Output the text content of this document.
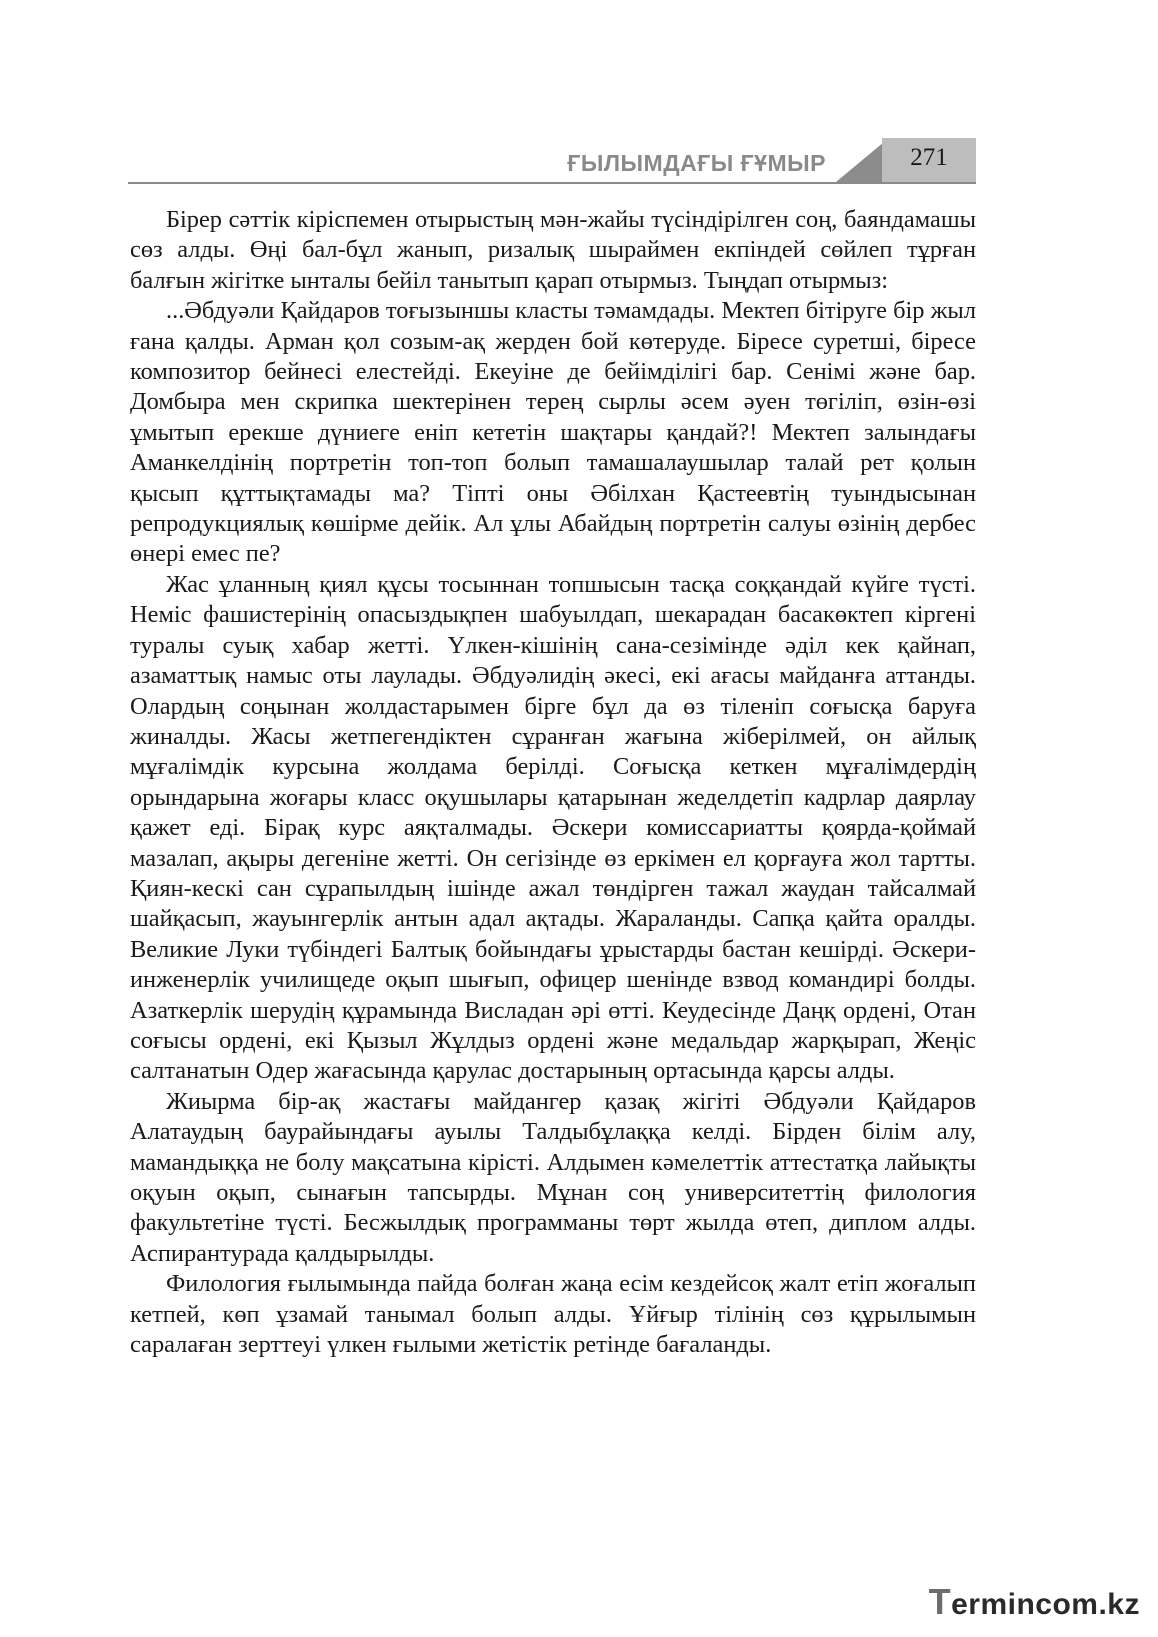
ҒЫЛЫМДАҒЫ ҒҰМЫР	271

Бірер сәттік кіріспемен отырыстың мән-жайы түсіндірілген соң, баяндамашы сөз алды. Өңі бал-бұл жанып, ризалық шыраймен екпіндей сөйлеп тұрған балғын жігітке ынталы бейіл танытып қарап отырмыз. Тыңдап отырмыз:

...Әбдуәли Қайдаров тоғызыншы класты тәмамдады. Мектеп бітіруге бір жыл ғана қалды. Арман қол созым-ақ жерден бой көтеруде. Біресе суретші, біресе композитор бейнесі елестейді. Екеуіне де бейімділігі бар. Сенімі және бар. Домбыра мен скрипка шектерінен терең сырлы әсем әуен төгіліп, өзін-өзі ұмытып ерекше дүниеге еніп кететін шақтары қандай?! Мектеп залындағы Аманкелдінің портретін топ-топ болып тамашалаушылар талай рет қолын қысып құттықтамады ма? Тіпті оны Әбілхан Қастеевтің туындысынан репродукциялық көшірме дейік. Ал ұлы Абайдың портретін салуы өзінің дербес өнері емес пе?

Жас ұланның қиял құсы тосыннан топшысын тасқа соққандай күйге түсті. Неміс фашистерінің опасыздықпен шабуылдап, шекарадан басакөктеп кіргені туралы суық хабар жетті. Үлкен-кішінің сана-сезімінде әділ кек қайнап, азаматтық намыс оты лаулады. Әбдуәлидің әкесі, екі ағасы майданға аттанды. Олардың соңынан жолдастарымен бірге бұл да өз тіленіп соғысқа баруға жиналды. Жасы жетпегендіктен сұранған жағына жіберілмей, он айлық мұғалімдік курсына жолдама берілді. Соғысқа кеткен мұғалімдердің орындарына жоғары класс оқушылары қатарынан жеделдетіп кадрлар даярлау қажет еді. Бірақ курс аяқталмады. Әскери комиссариатты қоярда-қоймай мазалап, ақыры дегеніне жетті. Он сегізінде өз еркімен ел қорғауға жол тартты. Қиян-кескі сан сұрапылдың ішінде ажал төндірген тажал жаудан тайсалмай шайқасып, жауынгерлік антын адал ақтады. Жараланды. Сапқа қайта оралды. Великие Луки түбіндегі Балтық бойындағы ұрыстарды бастан кешірді. Әскери-инженерлік училищеде оқып шығып, офицер шенінде взвод командирі болды. Азаткерлік шерудің құрамында Висладан әрі өтті. Кеудесінде Даңқ ордені, Отан соғысы ордені, екі Қызыл Жұлдыз ордені және медальдар жарқырап, Жеңіс салтанатын Одер жағасында қарулас достарының ортасында қарсы алды.

Жиырма бір-ақ жастағы майдангер қазақ жігіті Әбдуәли Қайдаров Алатаудың баурайындағы ауылы Талдыбұлаққа келді. Бірден білім алу, мамандыққа не болу мақсатына кірісті. Алдымен кәмелеттік аттестатқа лайықты оқуын оқып, сынағын тапсырды. Мұнан соң университеттің филология факультетіне түсті. Бесжылдық программаны төрт жылда өтеп, диплом алды. Аспирантурада қалдырылды.

Филология ғылымында пайда болған жаңа есім кездейсоқ жалт етіп жоғалып кетпей, көп ұзамай танымал болып алды. Ұйғыр тілінің сөз құрылымын саралаған зерттеуі үлкен ғылыми жетістік ретінде бағаланды.

Termincom.kz
